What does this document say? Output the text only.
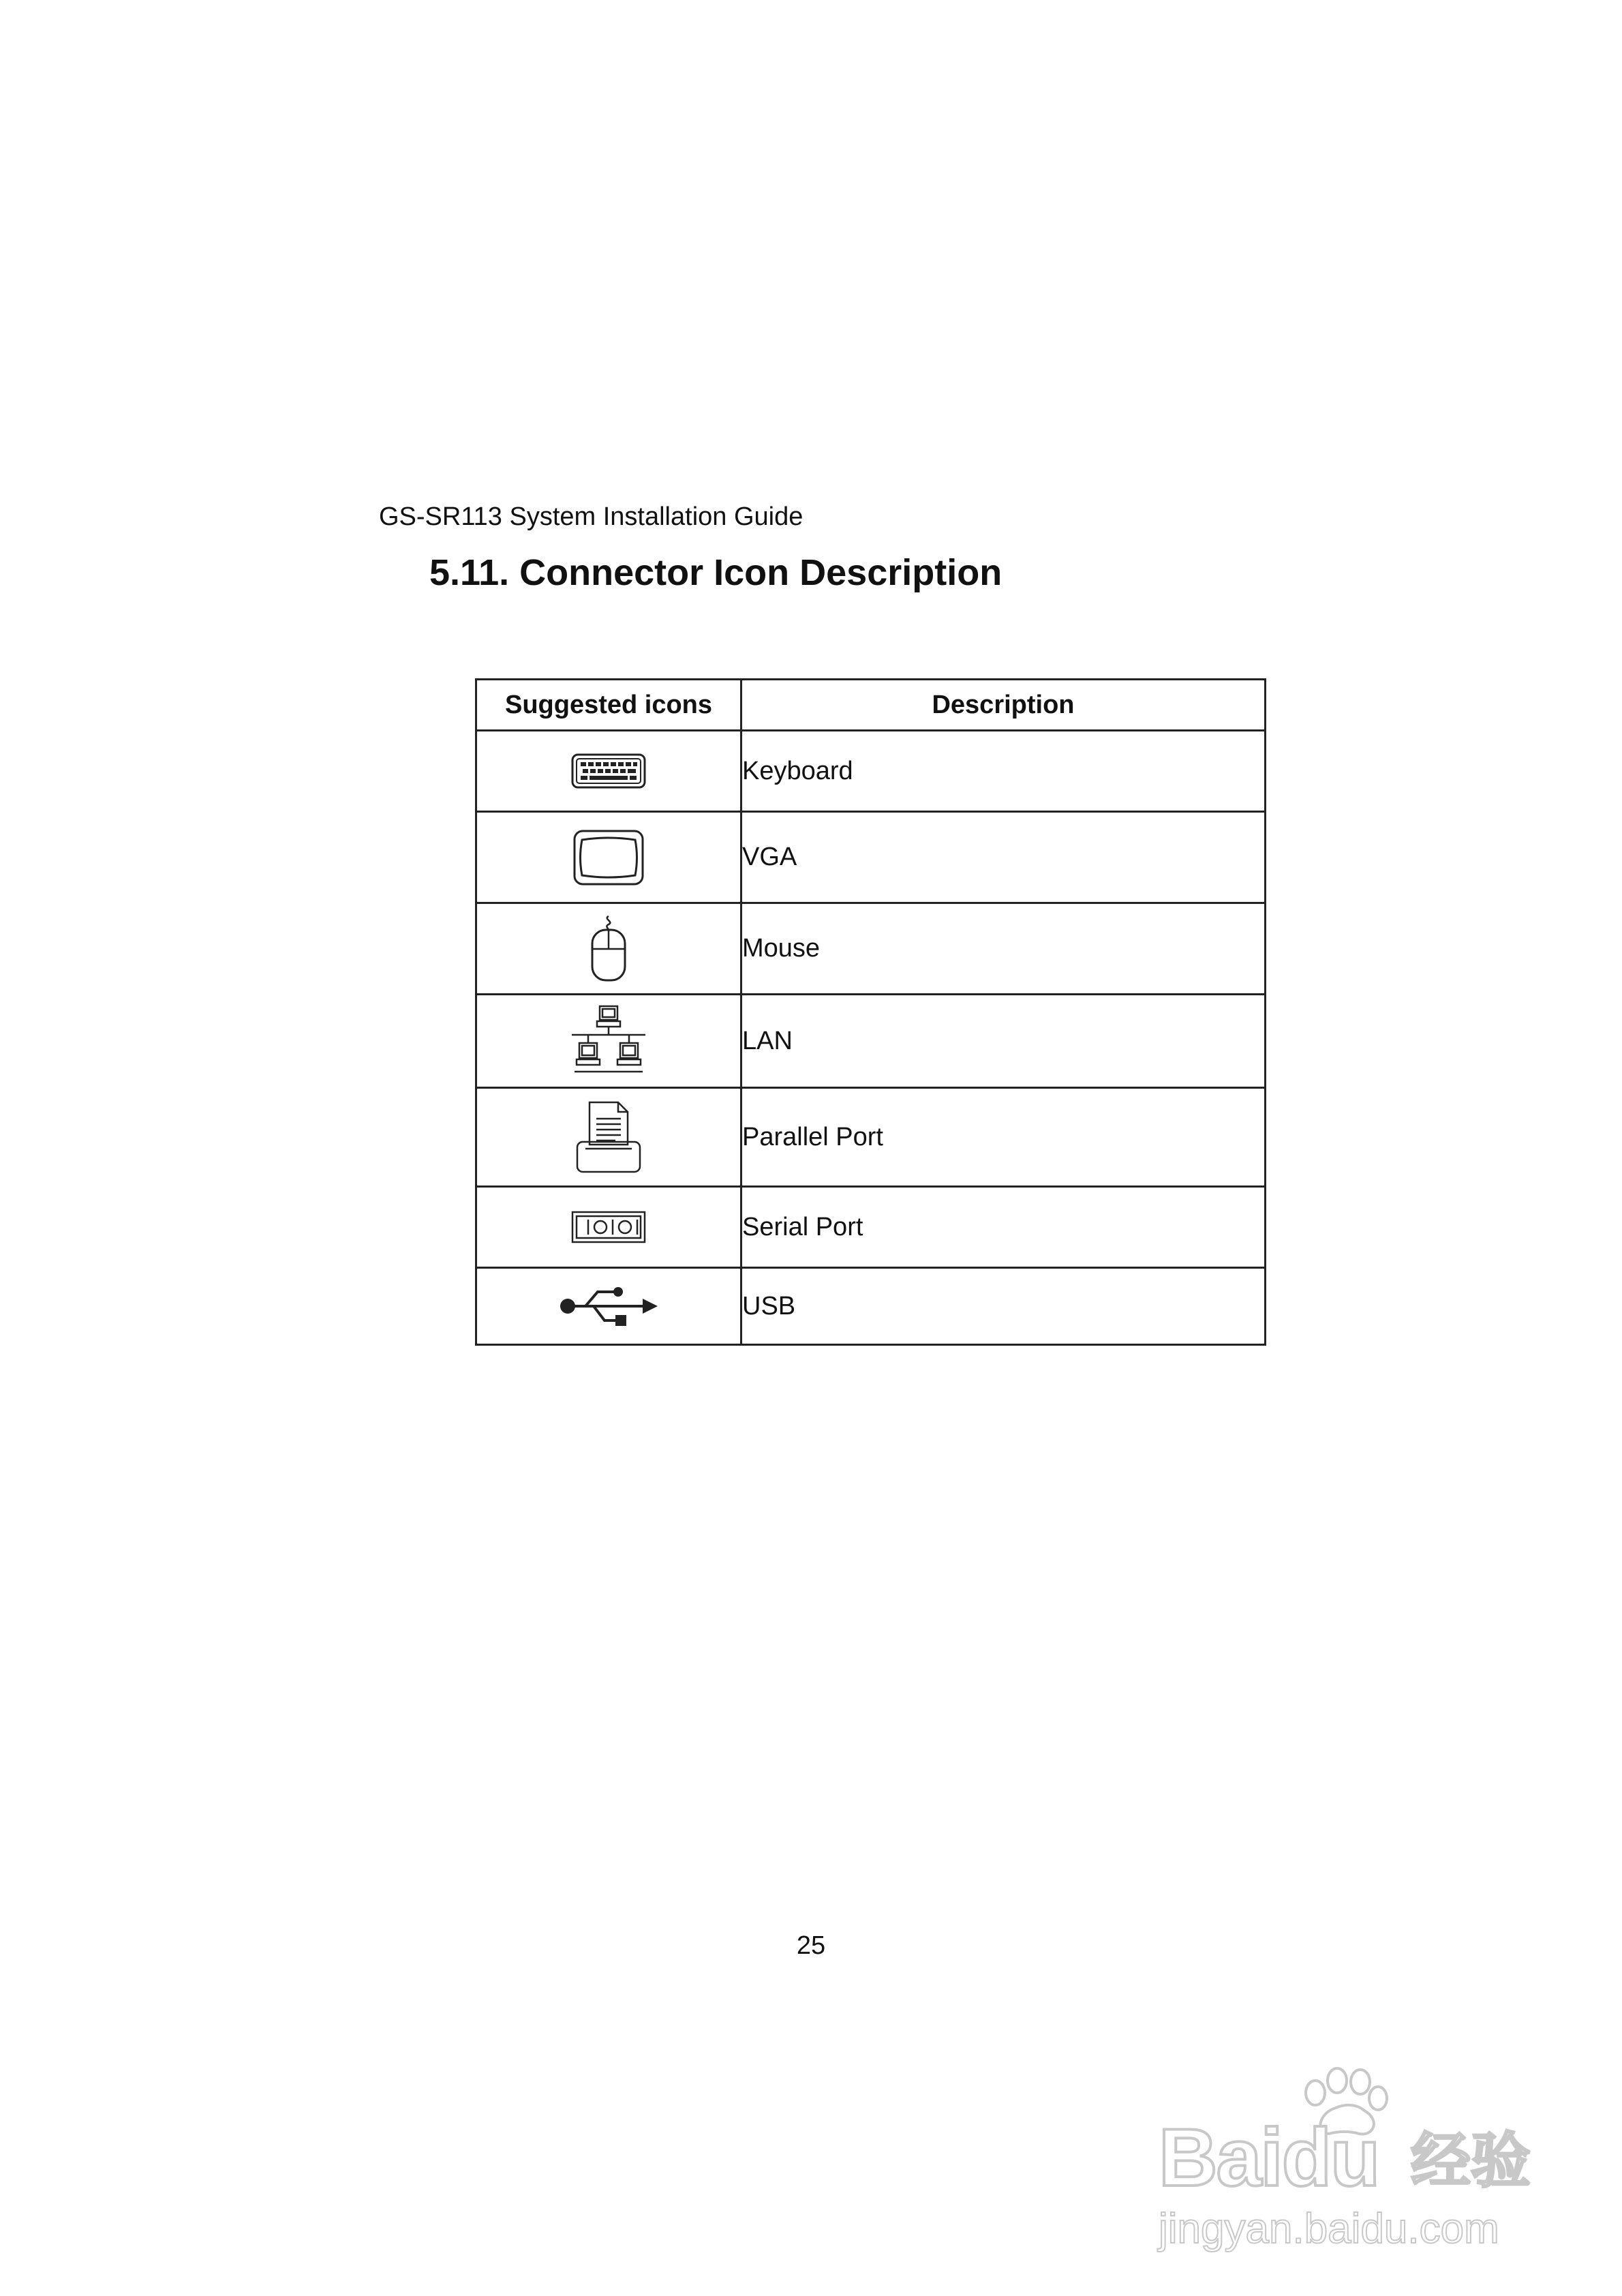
GS-SR113 System Installation Guide
5.11. Connector Icon Description
Suggested icons	Description

	Keyboard

	VGA

	Mouse

	LAN

	Parallel Port

	Serial Port

	USB

25

Baidu 经验
jingyan.baidu.com
